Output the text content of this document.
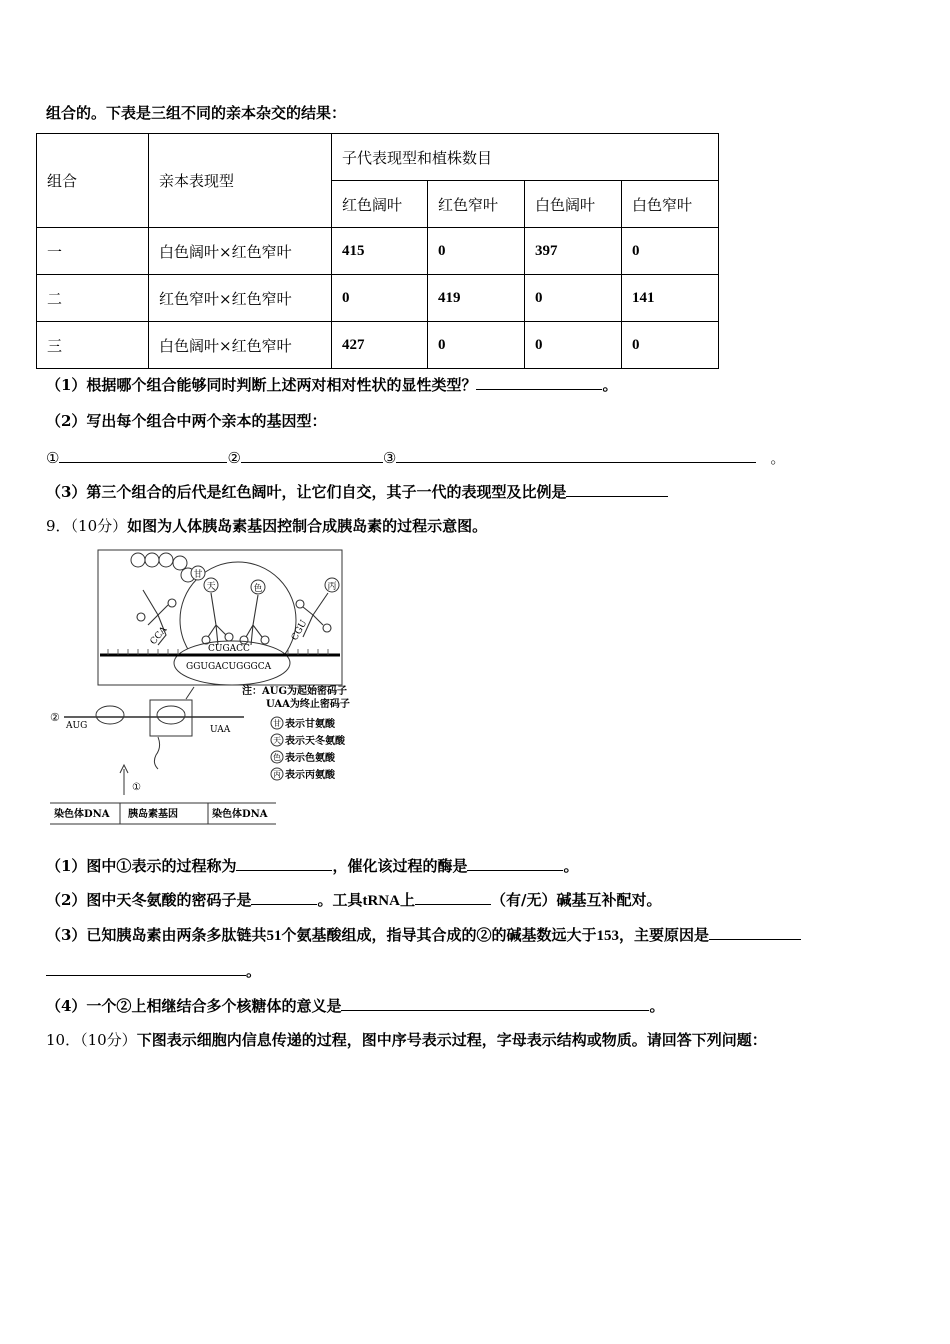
组合的。下表是三组不同的亲本杂交的结果：
组合	亲本表现型	子代表现型和植株数目			
		红色阔叶	红色窄叶	白色阔叶	白色窄叶
一	白色阔叶×红色窄叶	415	0	397	0
二	红色窄叶×红色窄叶	0	419	0	141
三	白色阔叶×红色窄叶	427	0	0	0
（1）根据哪个组合能够同时判断上述两对相对性状的显性类型？	。
（2）写出每个组合中两个亲本的基因型：
①	②	③	。
（3）第三个组合的后代是红色阔叶，让它们自交，其子一代的表现型及比例是
9．（10分）如图为人体胰岛素基因控制合成胰岛素的过程示意图。
甘
天	色	丙
CCA	CGU
CUGACC
GGUGACUGGGCA
②
AUG	UAA
①
染色体DNA 胰岛素基因	染色体DNA
注：AUG为起始密码子
UAA为终止密码子
甘 表示甘氨酸
天 表示天冬氨酸
色 表示色氨酸
丙 表示丙氨酸
（1）图中①表示的过程称为	，催化该过程的酶是	。
（2）图中天冬氨酸的密码子是	。工具tRNA上	（有/无）碱基互补配对。
（3）已知胰岛素由两条多肽链共51个氨基酸组成，指导其合成的②的碱基数远大于153，主要原因是
。
（4）一个②上相继结合多个核糖体的意义是	。
10．（10分）下图表示细胞内信息传递的过程，图中序号表示过程，字母表示结构或物质。请回答下列问题：
